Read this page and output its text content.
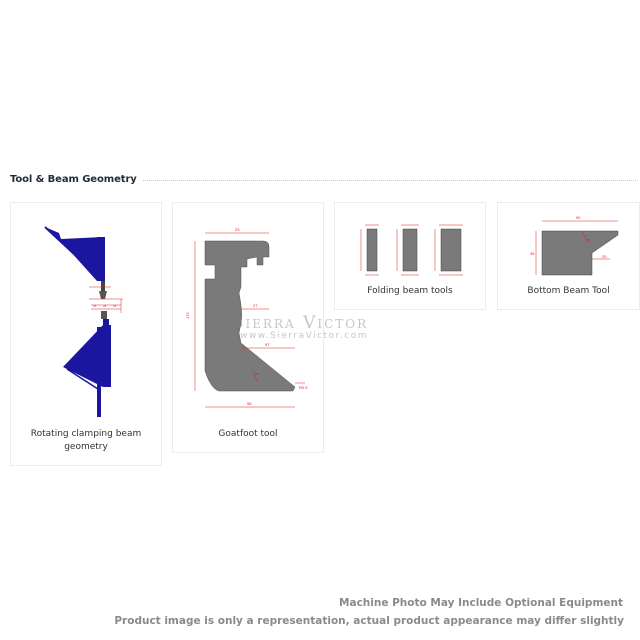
Tool & Beam Geometry
24 25 18
Rotating clamping beam geometry
23
172
27
97
98
R0.5
30°
Goatfoot tool
Folding beam tools
90
35
20
45°
Bottom Beam Tool
Sierra Victor
www.SierraVictor.com
Machine Photo May Include Optional Equipment
Product image is only a representation, actual product appearance may differ slightly
